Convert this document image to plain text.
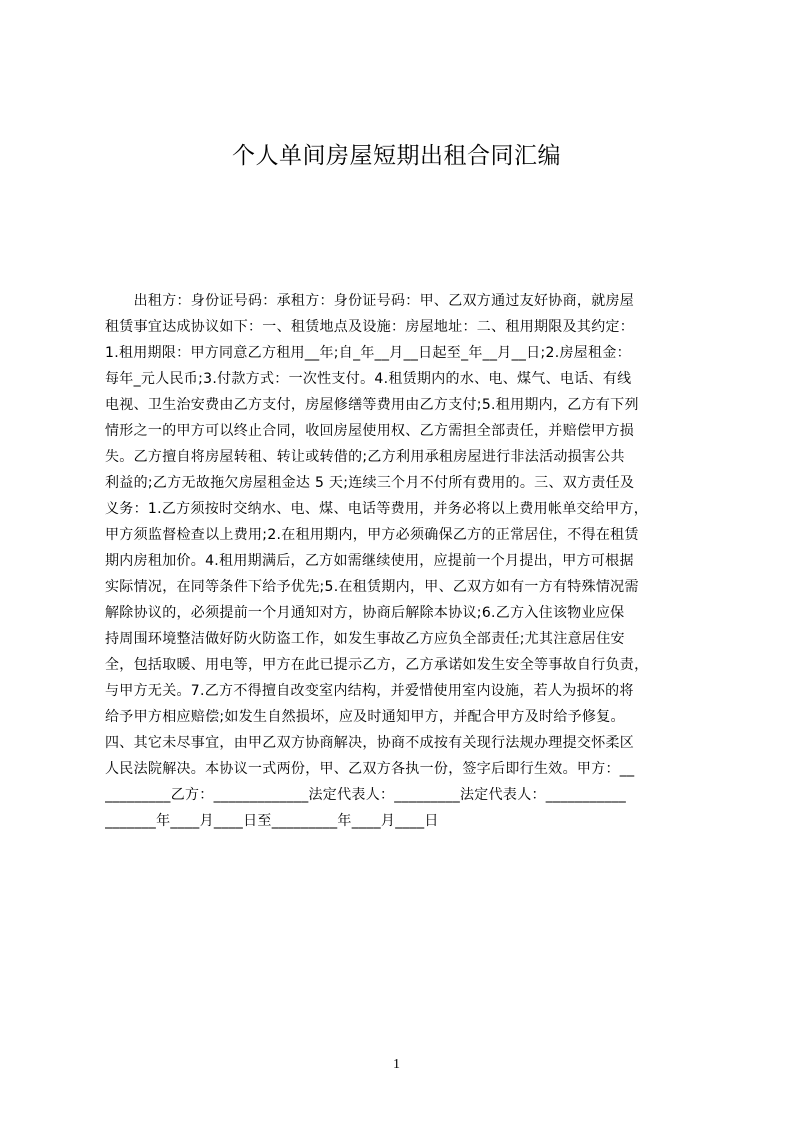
个人单间房屋短期出租合同汇编
　　出租方：身份证号码：承租方：身份证号码：甲、乙双方通过友好协商，就房屋
租赁事宜达成协议如下：一、租赁地点及设施：房屋地址：二、租用期限及其约定：
1.租用期限：甲方同意乙方租用__年;自_年__月__日起至_年__月__日;2.房屋租金：
每年_元人民币;3.付款方式：一次性支付。4.租赁期内的水、电、煤气、电话、有线
电视、卫生治安费由乙方支付，房屋修缮等费用由乙方支付;5.租用期内，乙方有下列
情形之一的甲方可以终止合同，收回房屋使用权、乙方需担全部责任，并赔偿甲方损
失。乙方擅自将房屋转租、转让或转借的;乙方利用承租房屋进行非法活动损害公共
利益的;乙方无故拖欠房屋租金达 5 天;连续三个月不付所有费用的。三、双方责任及
义务：1.乙方须按时交纳水、电、煤、电话等费用，并务必将以上费用帐单交给甲方，
甲方须监督检查以上费用;2.在租用期内，甲方必须确保乙方的正常居住，不得在租赁
期内房租加价。4.租用期满后，乙方如需继续使用，应提前一个月提出，甲方可根据
实际情况，在同等条件下给予优先;5.在租赁期内，甲、乙双方如有一方有特殊情况需
解除协议的，必须提前一个月通知对方，协商后解除本协议;6.乙方入住该物业应保
持周围环境整洁做好防火防盗工作，如发生事故乙方应负全部责任;尤其注意居住安
全，包括取暖、用电等，甲方在此已提示乙方，乙方承诺如发生安全等事故自行负责，
与甲方无关。7.乙方不得擅自改变室内结构，并爱惜使用室内设施，若人为损坏的将
给予甲方相应赔偿;如发生自然损坏，应及时通知甲方，并配合甲方及时给予修复。
四、其它未尽事宜，由甲乙双方协商解决，协商不成按有关现行法规办理提交怀柔区
人民法院解决。本协议一式两份，甲、乙双方各执一份，签字后即行生效。甲方：__
_________乙方：_____________法定代表人：_________法定代表人：___________
_______年____月____日至_________年____月____日
1
